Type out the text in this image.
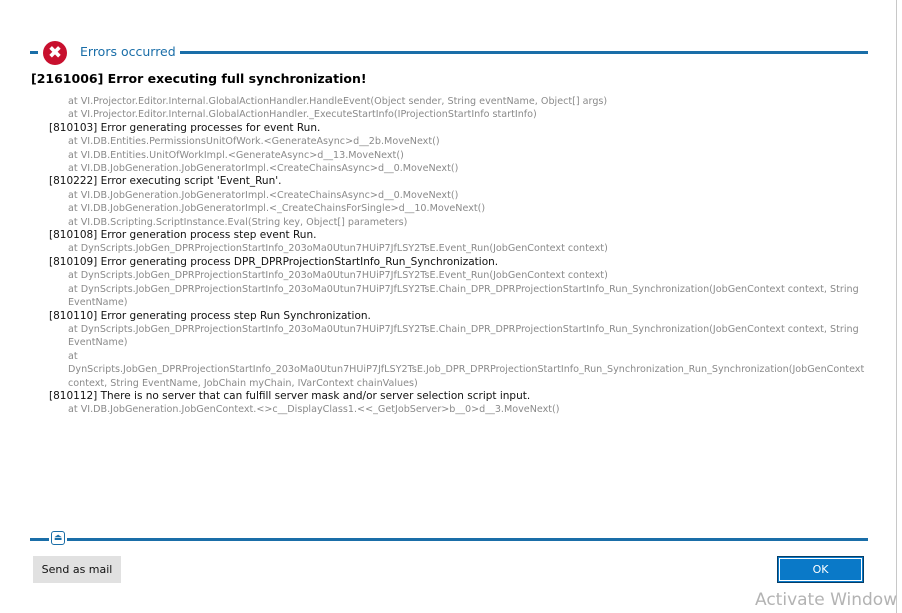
✖	Errors occurred
[2161006] Error executing full synchronization!
at VI.Projector.Editor.Internal.GlobalActionHandler.HandleEvent(Object sender, String eventName, Object[] args)
at VI.Projector.Editor.Internal.GlobalActionHandler._ExecuteStartInfo(IProjectionStartInfo startInfo)
[810103] Error generating processes for event Run.
at VI.DB.Entities.PermissionsUnitOfWork.<GenerateAsync>d__2b.MoveNext()
at VI.DB.Entities.UnitOfWorkImpl.<GenerateAsync>d__13.MoveNext()
at VI.DB.JobGeneration.JobGeneratorImpl.<CreateChainsAsync>d__0.MoveNext()
[810222] Error executing script 'Event_Run'.
at VI.DB.JobGeneration.JobGeneratorImpl.<CreateChainsAsync>d__0.MoveNext()
at VI.DB.JobGeneration.JobGeneratorImpl.<_CreateChainsForSingle>d__10.MoveNext()
at VI.DB.Scripting.ScriptInstance.Eval(String key, Object[] parameters)
[810108] Error generation process step event Run.
at DynScripts.JobGen_DPRProjectionStartInfo_203oMa0Utun7HUiP7JfLSY2TsE.Event_Run(JobGenContext context)
[810109] Error generating process DPR_DPRProjectionStartInfo_Run_Synchronization.
at DynScripts.JobGen_DPRProjectionStartInfo_203oMa0Utun7HUiP7JfLSY2TsE.Event_Run(JobGenContext context)
at DynScripts.JobGen_DPRProjectionStartInfo_203oMa0Utun7HUiP7JfLSY2TsE.Chain_DPR_DPRProjectionStartInfo_Run_Synchronization(JobGenContext context, String EventName)
[810110] Error generating process step Run Synchronization.
at DynScripts.JobGen_DPRProjectionStartInfo_203oMa0Utun7HUiP7JfLSY2TsE.Chain_DPR_DPRProjectionStartInfo_Run_Synchronization(JobGenContext context, String EventName)
at DynScripts.JobGen_DPRProjectionStartInfo_203oMa0Utun7HUiP7JfLSY2TsE.Job_DPR_DPRProjectionStartInfo_Run_Synchronization_Run_Synchronization(JobGenContext context, String EventName, JobChain myChain, IVarContext chainValues)
[810112] There is no server that can fulfill server mask and/or server selection script input.
at VI.DB.JobGeneration.JobGenContext.<>c__DisplayClass1.<<_GetJobServer>b__0>d__3.MoveNext()
⏏
Send as mail	OK
Activate Window
